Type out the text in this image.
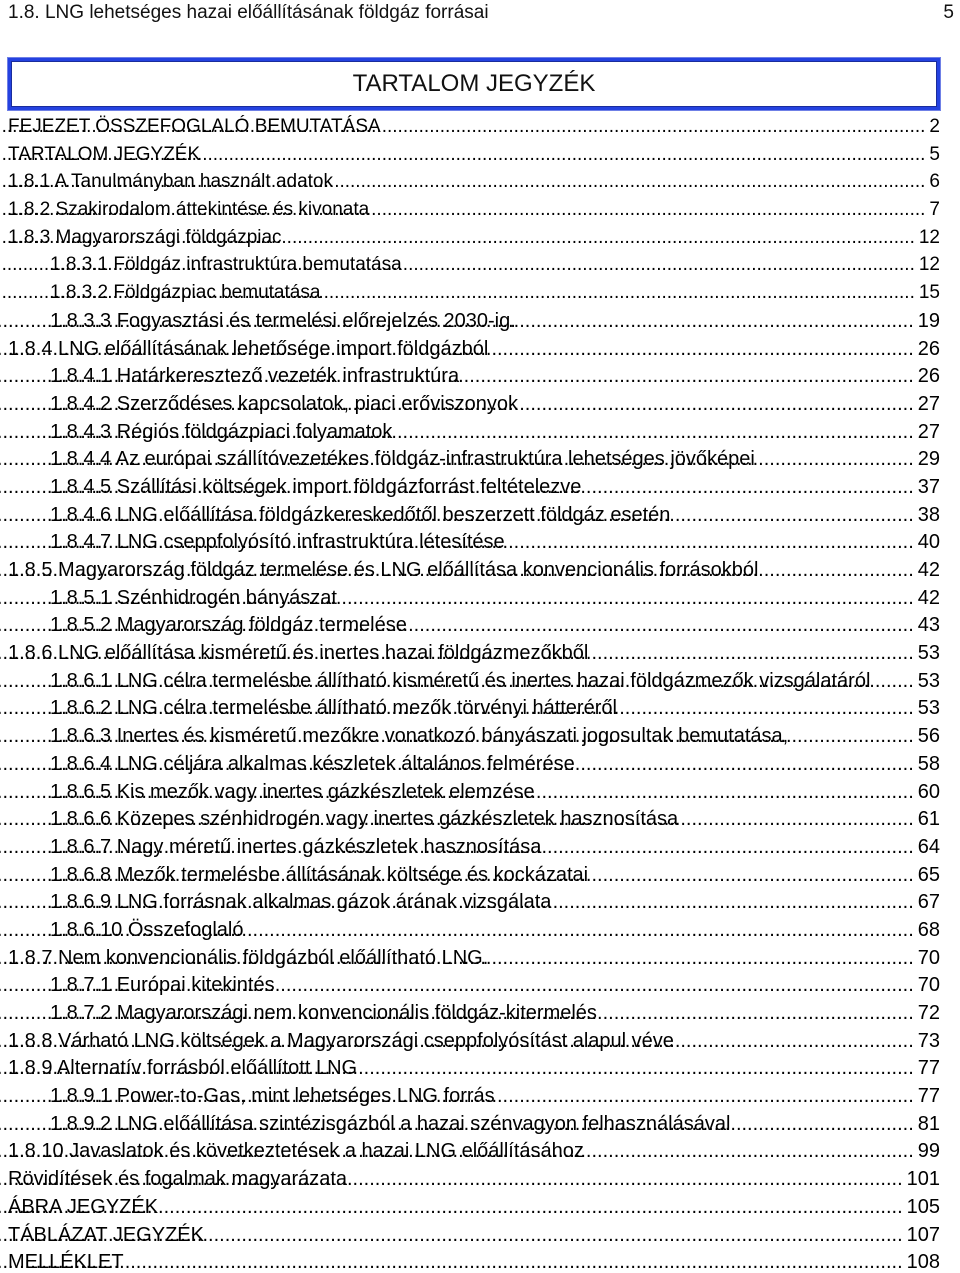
1.8. LNG lehetséges hazai előállításának földgáz forrásai	5
TARTALOM JEGYZÉK
FEJEZET ÖSSZEFOGLALÓ BEMUTATÁSA .....	2
TARTALOM JEGYZÉK .....	5
1.8.1 A Tanulmányban használt adatok .....	6
1.8.2 Szakirodalom áttekintése és kivonata .....	7
1.8.3 Magyarországi földgázpiac .....	12
1.8.3.1 Földgáz infrastruktúra bemutatása .....	12
1.8.3.2 Földgázpiac bemutatása .....	15
1.8.3.3 Fogyasztási és termelési előrejelzés 2030-ig. .....	19
1.8.4 LNG előállításának lehetősége import földgázból .....	26
1.8.4.1 Határkeresztező vezeték infrastruktúra .....	26
1.8.4.2 Szerződéses kapcsolatok, piaci erőviszonyok .....	27
1.8.4.3 Régiós földgázpiaci folyamatok .....	27
1.8.4.4 Az európai szállítóvezetékes földgáz-infrastruktúra lehetséges jövőképei .....	29
1.8.4.5 Szállítási költségek import földgázforrást feltételezve .....	37
1.8.4.6 LNG előállítása földgázkereskedőtől beszerzett földgáz esetén .....	38
1.8.4.7 LNG cseppfolyósító infrastruktúra létesítése .....	40
1.8.5 Magyarország földgáz termelése és LNG előállítása konvencionális forrásokból .....	42
1.8.5.1 Szénhidrogén bányászat .....	42
1.8.5.2 Magyarország földgáz termelése .....	43
1.8.6 LNG előállítása kisméretű és inertes hazai földgázmezőkből .....	53
1.8.6.1 LNG célra termelésbe állítható kisméretű és inertes hazai földgázmezők vizsgálatáról ..... 53
1.8.6.2 LNG célra termelésbe állítható mezők törvényi hátteréről .....	53
1.8.6.3 Inertes és kisméretű mezőkre vonatkozó bányászati jogosultak bemutatása, .....	56
1.8.6.4 LNG céljára alkalmas készletek általános felmérése .....	58
1.8.6.5 Kis mezők vagy inertes gázkészletek elemzése .....	60
1.8.6.6 Közepes szénhidrogén vagy inertes gázkészletek hasznosítása .....	61
1.8.6.7 Nagy méretű inertes gázkészletek hasznosítása .....	64
1.8.6.8 Mezők termelésbe állításának költsége és kockázatai .....	65
1.8.6.9 LNG forrásnak alkalmas gázok árának vizsgálata .....	67
1.8.6.10 Összefoglaló .....	68
1.8.7 Nem konvencionális földgázból előállítható LNG. .....	70
1.8.7.1 Európai kitekintés .....	70
1.8.7.2 Magyarországi nem konvencionális földgáz-kitermelés .....	72
1.8.8 Várható LNG költségek a Magyarországi cseppfolyósítást alapul véve .....	73
1.8.9 Alternatív forrásból előállított LNG .....	77
1.8.9.1 Power-to-Gas, mint lehetséges LNG forrás .....	77
1.8.9.2 LNG előállítása szintézisgázból a hazai szénvagyon felhasználásával .....	81
1.8.10 Javaslatok és következtetések a hazai LNG előállításához .....	99
Rövidítések és fogalmak magyarázata .....	101
ÁBRA JEGYZÉK .....	105
TÁBLÁZAT JEGYZÉK .....	107
MELLÉKLET .....	108
